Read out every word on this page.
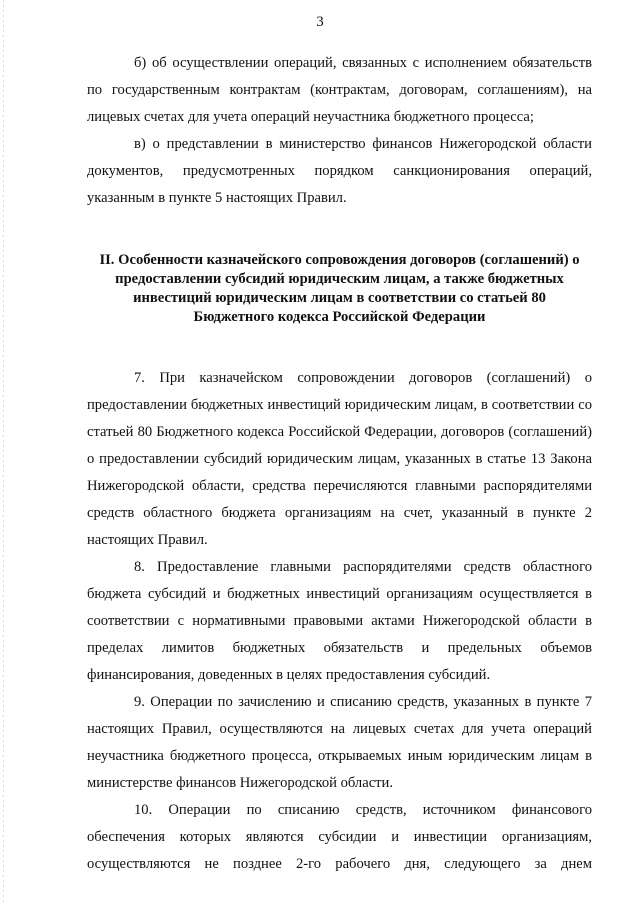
3

б) об осуществлении операций, связанных с исполнением обязательств по государственным контрактам (контрактам, договорам, соглашениям), на лицевых счетах для учета операций неучастника бюджетного процесса;

в) о представлении в министерство финансов Нижегородской области документов, предусмотренных порядком санкционирования операций, указанным в пункте 5 настоящих Правил.

II. Особенности казначейского сопровождения договоров (соглашений) о
предоставлении субсидий юридическим лицам, а также бюджетных
инвестиций юридическим лицам в соответствии со статьей 80
Бюджетного кодекса Российской Федерации

7. При казначейском сопровождении договоров (соглашений) о предоставлении бюджетных инвестиций юридическим лицам, в соответствии со статьей 80 Бюджетного кодекса Российской Федерации, договоров (соглашений) о предоставлении субсидий юридическим лицам, указанных в статье 13 Закона Нижегородской области, средства перечисляются главными распорядителями средств областного бюджета организациям на счет, указанный в пункте 2 настоящих Правил.

8. Предоставление главными распорядителями средств областного бюджета субсидий и бюджетных инвестиций организациям осуществляется в соответствии с нормативными правовыми актами Нижегородской области в пределах лимитов бюджетных обязательств и предельных объемов финансирования, доведенных в целях предоставления субсидий.

9. Операции по зачислению и списанию средств, указанных в пункте 7 настоящих Правил, осуществляются на лицевых счетах для учета операций неучастника бюджетного процесса, открываемых иным юридическим лицам в министерстве финансов Нижегородской области.

10. Операции по списанию средств, источником финансового обеспечения которых являются субсидии и инвестиции организациям, осуществляются не позднее 2-го рабочего дня, следующего за днем
